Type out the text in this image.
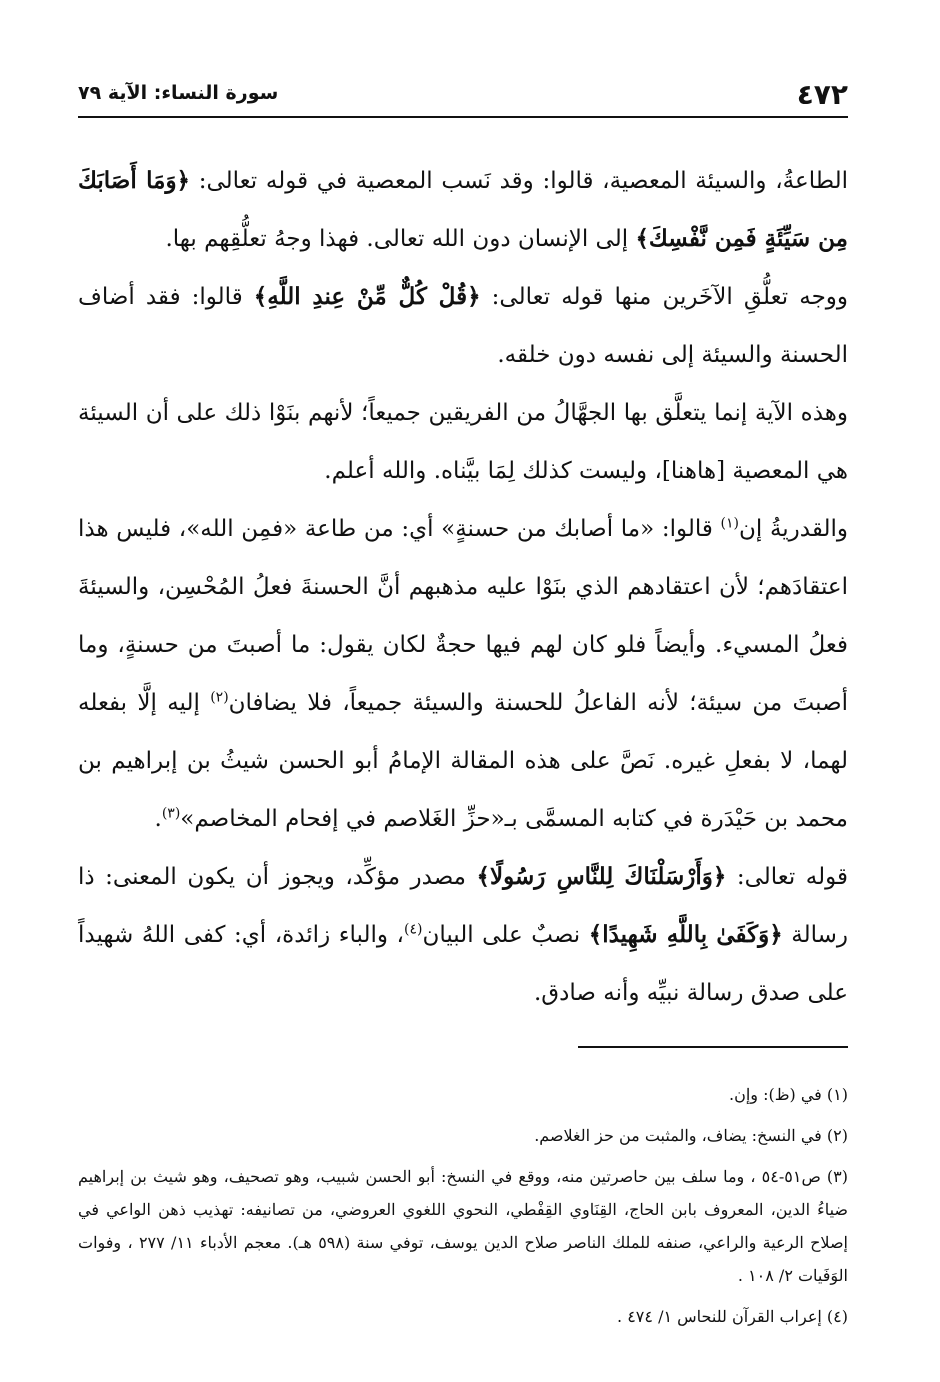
٤٧٢
سورة النساء: الآية ٧٩

الطاعةُ، والسيئة المعصية، قالوا: وقد نَسب المعصية في قوله تعالى: ﴿وَمَا أَصَابَكَ مِن سَيِّئَةٍ فَمِن نَّفْسِكَ﴾ إلى الإنسان دون الله تعالى. فهذا وجهُ تعلُّقِهم بها.

ووجه تعلُّقِ الآخَرين منها قوله تعالى: ﴿قُلْ كُلٌّ مِّنْ عِندِ اللَّهِ﴾ قالوا: فقد أضاف الحسنة والسيئة إلى نفسه دون خلقه.

وهذه الآية إنما يتعلَّق بها الجهَّالُ من الفريقين جميعاً؛ لأنهم بنَوْا ذلك على أن السيئة هي المعصية [هاهنا]، وليست كذلك لِمَا بيَّناه. والله أعلم.

والقدريةُ إن$^{(١)}$ قالوا: «ما أصابك من حسنةٍ» أي: من طاعة «فمِن الله»، فليس هذا اعتقادَهم؛ لأن اعتقادهم الذي بنَوْا عليه مذهبهم أنَّ الحسنةَ فعلُ المُحْسِن، والسيئةَ فعلُ المسيء. وأيضاً فلو كان لهم فيها حجةٌ لكان يقول: ما أصبتَ من حسنةٍ، وما أصبتَ من سيئة؛ لأنه الفاعلُ للحسنة والسيئة جميعاً، فلا يضافان$^{(٢)}$ إليه إلَّا بفعله لهما، لا بفعلِ غيره. نَصَّ على هذه المقالة الإمامُ أبو الحسن شيثُ بن إبراهيم بن محمد بن حَيْدَرة في كتابه المسمَّى بـ«حزِّ الغَلاصم في إفحام المخاصم»$^{(٣)}$.

قوله تعالى: ﴿وَأَرْسَلْنَاكَ لِلنَّاسِ رَسُولًا﴾ مصدر مؤكِّد، ويجوز أن يكون المعنى: ذا رسالة ﴿وَكَفَىٰ بِاللَّهِ شَهِيدًا﴾ نصبٌ على البيان$^{(٤)}$، والباء زائدة، أي: كفى اللهُ شهيداً على صدق رسالة نبيِّه وأنه صادق.

(١) في (ظ): وإن.

(٢) في النسخ: يضاف، والمثبت من حز الغلاصم.

(٣) ص٥١-٥٤ ، وما سلف بين حاصرتين منه، ووقع في النسخ: أبو الحسن شبيب، وهو تصحيف، وهو شيث بن إبراهيم ضياءُ الدين، المعروف بابن الحاج، القِنَاوي القِفْطي، النحوي اللغوي العروضي، من تصانيفه: تهذيب ذهن الواعي في إصلاح الرعية والراعي، صنفه للملك الناصر صلاح الدين يوسف، توفي سنة (٥٩٨ هـ). معجم الأدباء ١١/ ٢٧٧ ، وفوات الوَفَيات ٢/ ١٠٨ .

(٤) إعراب القرآن للنحاس ١/ ٤٧٤ .
